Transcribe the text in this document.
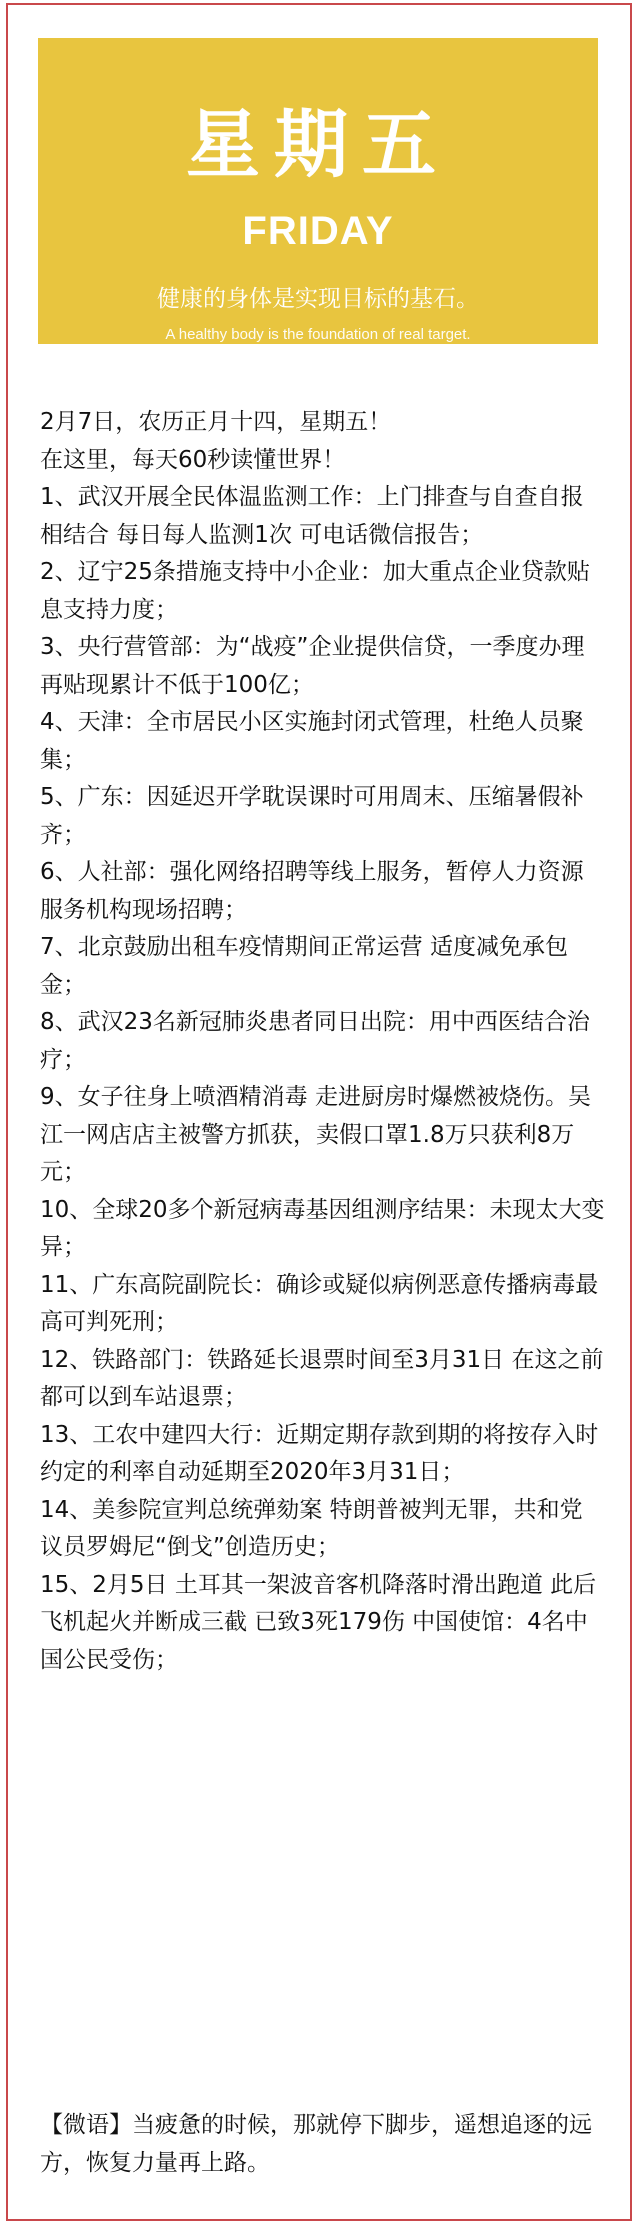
星期五
FRIDAY
健康的身体是实现目标的基石。
A healthy body is the foundation of real target.

2月7日，农历正月十四，星期五！

在这里，每天60秒读懂世界！

1、武汉开展全民体温监测工作：上门排查与自查自报相结合 每日每人监测1次 可电话微信报告；

2、辽宁25条措施支持中小企业：加大重点企业贷款贴息支持力度；

3、央行营管部：为“战疫”企业提供信贷，一季度办理再贴现累计不低于100亿；

4、天津：全市居民小区实施封闭式管理，杜绝人员聚集；

5、广东：因延迟开学耽误课时可用周末、压缩暑假补齐；

6、人社部：强化网络招聘等线上服务，暂停人力资源服务机构现场招聘；

7、北京鼓励出租车疫情期间正常运营 适度减免承包金；

8、武汉23名新冠肺炎患者同日出院：用中西医结合治疗；

9、女子往身上喷酒精消毒 走进厨房时爆燃被烧伤。吴江一网店店主被警方抓获，卖假口罩1.8万只获利8万元；

10、全球20多个新冠病毒基因组测序结果：未现太大变异；

11、广东高院副院长：确诊或疑似病例恶意传播病毒最高可判死刑；

12、铁路部门：铁路延长退票时间至3月31日 在这之前都可以到车站退票；

13、工农中建四大行：近期定期存款到期的将按存入时约定的利率自动延期至2020年3月31日；

14、美参院宣判总统弹劾案 特朗普被判无罪，共和党议员罗姆尼“倒戈”创造历史；

15、2月5日 土耳其一架波音客机降落时滑出跑道 此后飞机起火并断成三截 已致3死179伤 中国使馆：4名中国公民受伤；

【微语】当疲惫的时候，那就停下脚步，遥想追逐的远方，恢复力量再上路。
